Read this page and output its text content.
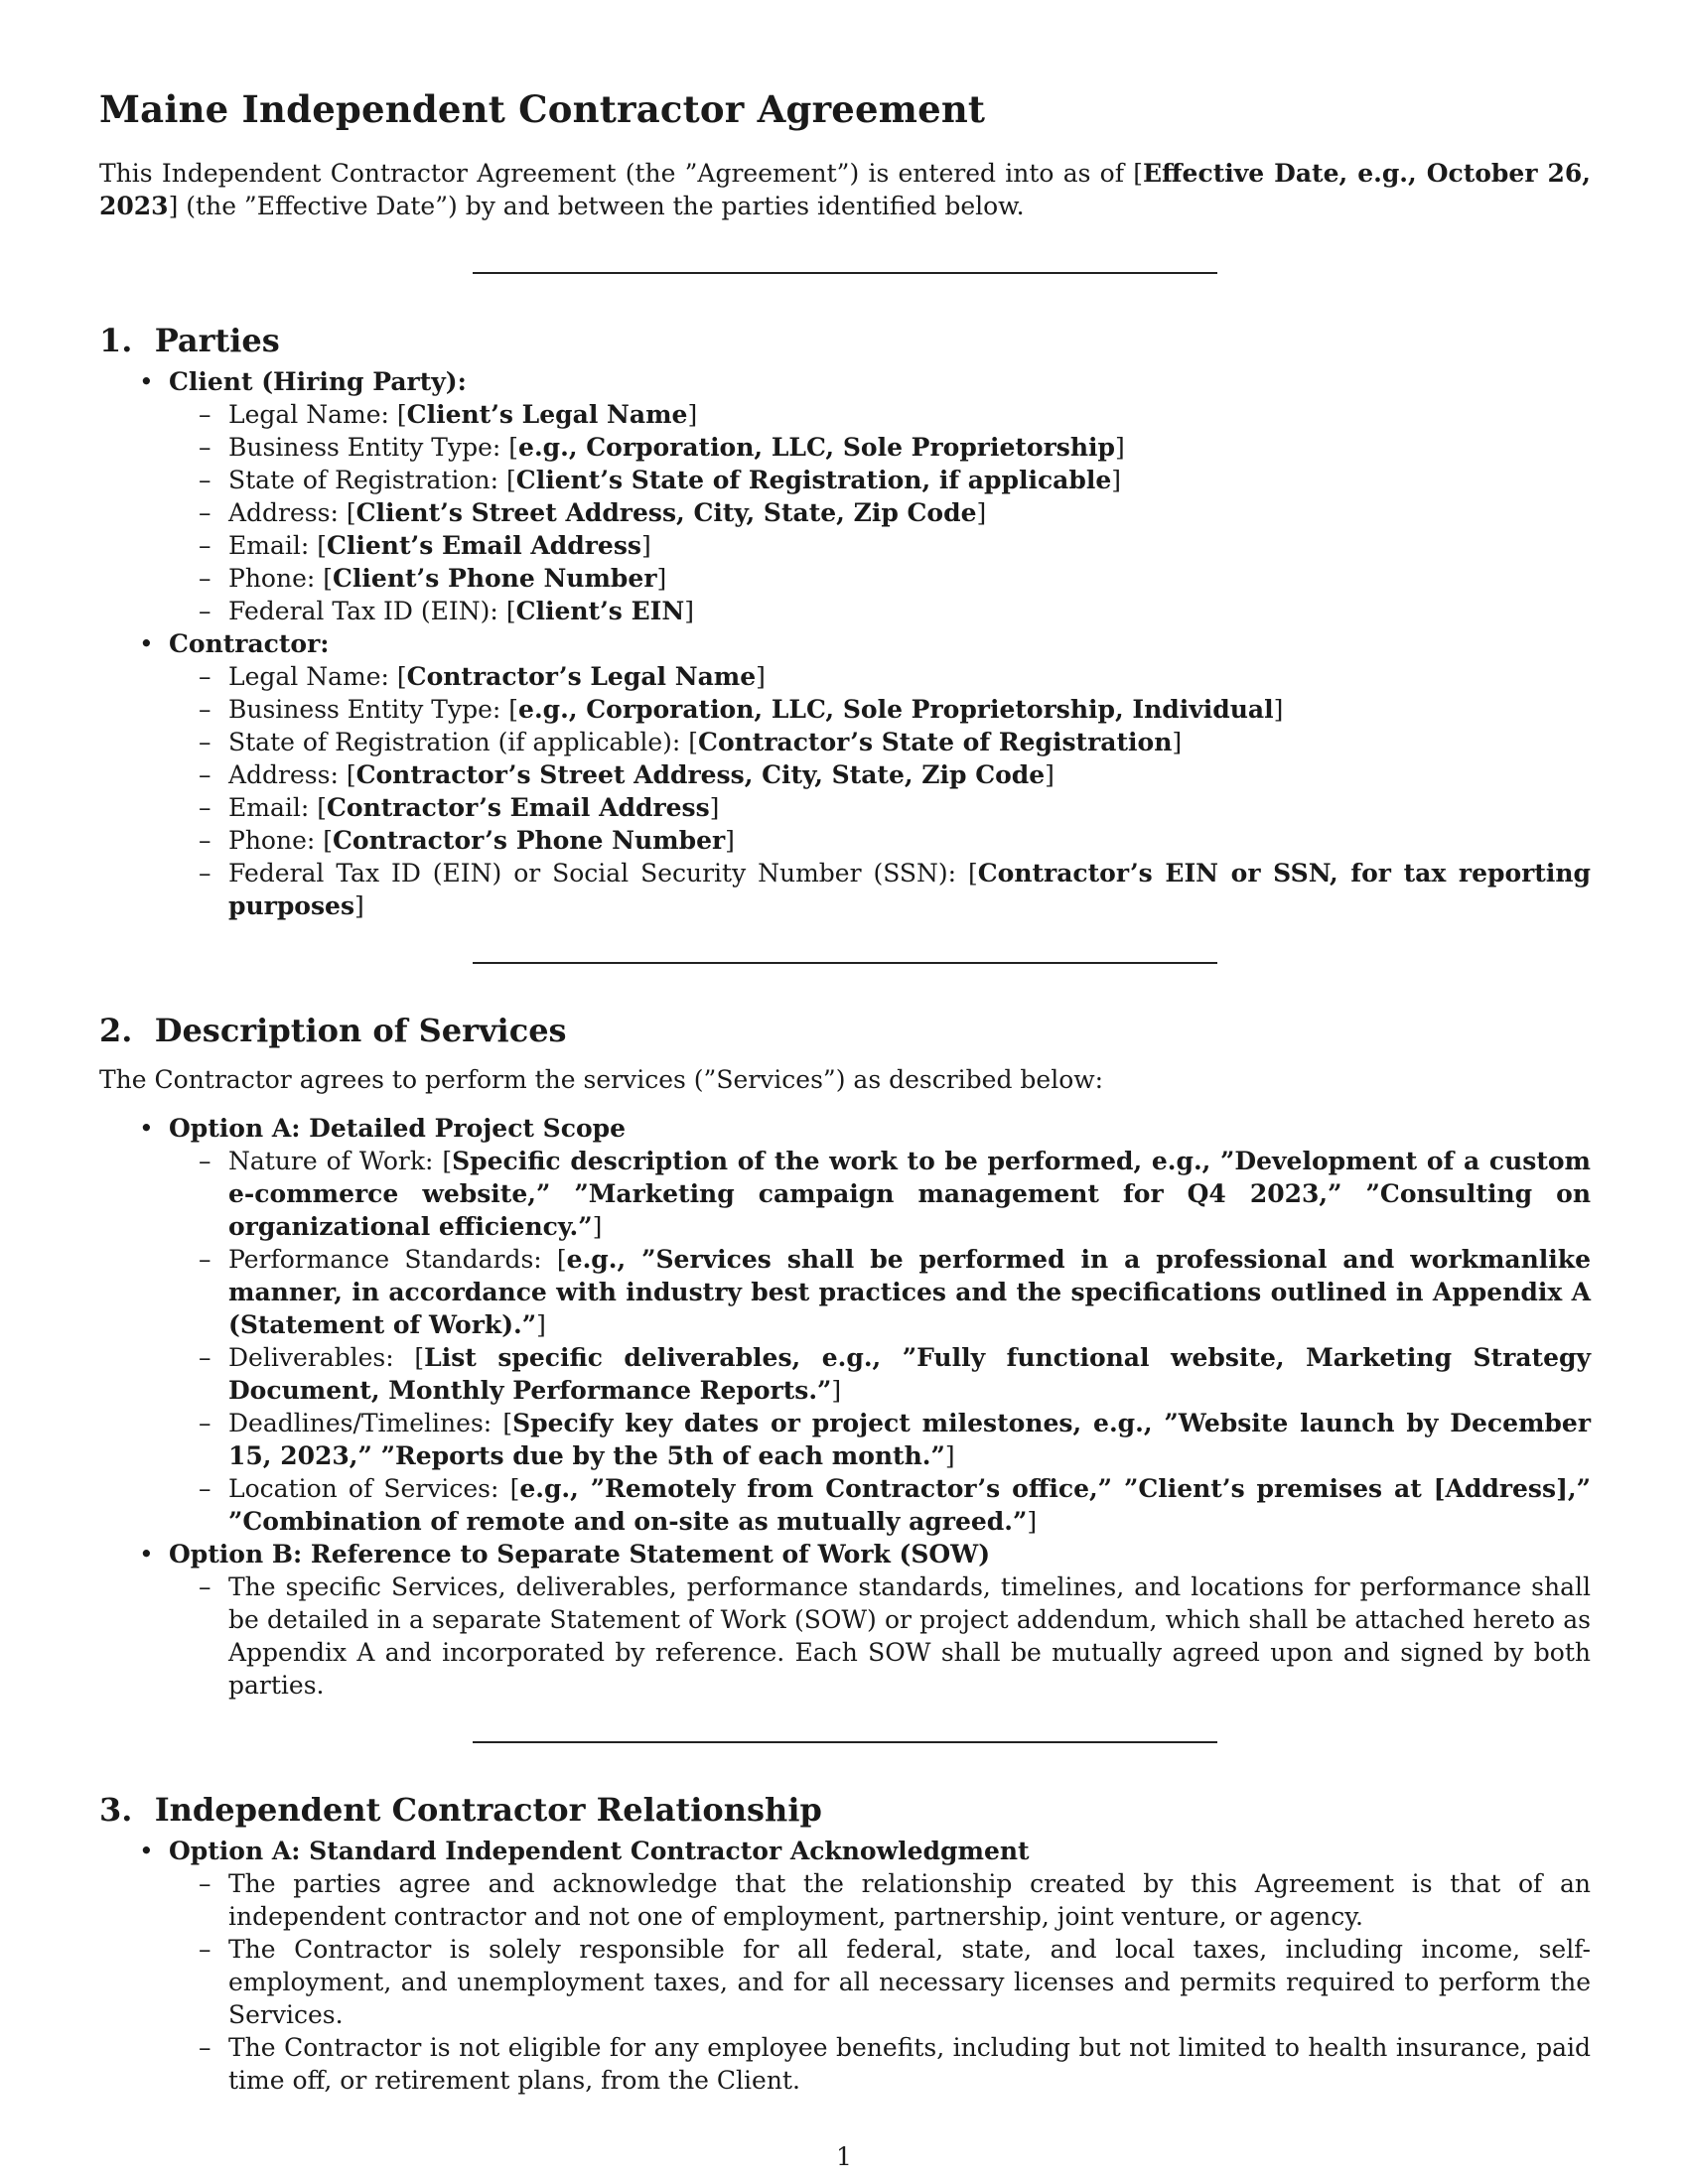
Maine Independent Contractor Agreement

This Independent Contractor Agreement (the ”Agreement”) is entered into as of [Effective Date, e.g., October 26, 2023] (the ”Effective Date”) by and between the parties identified below.

1. Parties
• Client (Hiring Party):
– Legal Name: [Client’s Legal Name]
– Business Entity Type: [e.g., Corporation, LLC, Sole Proprietorship]
– State of Registration: [Client’s State of Registration, if applicable]
– Address: [Client’s Street Address, City, State, Zip Code]
– Email: [Client’s Email Address]
– Phone: [Client’s Phone Number]
– Federal Tax ID (EIN): [Client’s EIN]
• Contractor:
– Legal Name: [Contractor’s Legal Name]
– Business Entity Type: [e.g., Corporation, LLC, Sole Proprietorship, Individual]
– State of Registration (if applicable): [Contractor’s State of Registration]
– Address: [Contractor’s Street Address, City, State, Zip Code]
– Email: [Contractor’s Email Address]
– Phone: [Contractor’s Phone Number]
– Federal Tax ID (EIN) or Social Security Number (SSN): [Contractor’s EIN or SSN, for tax reporting purposes]
2. Description of Services

The Contractor agrees to perform the services (”Services”) as described below:

• Option A: Detailed Project Scope
– Nature of Work: [Specific description of the work to be performed, e.g., ”Development of a custom e-commerce website,” ”Marketing campaign management for Q4 2023,” ”Consulting on organizational efficiency.”]
– Performance Standards: [e.g., ”Services shall be performed in a professional and workmanlike manner, in accordance with industry best practices and the specifications outlined in Appendix A (Statement of Work).”]
– Deliverables: [List specific deliverables, e.g., ”Fully functional website, Marketing Strategy Document, Monthly Performance Reports.”]
– Deadlines/Timelines: [Specify key dates or project milestones, e.g., ”Website launch by December 15, 2023,” ”Reports due by the 5th of each month.”]
– Location of Services: [e.g., ”Remotely from Contractor’s office,” ”Client’s premises at [Address],” ”Combination of remote and on-site as mutually agreed.”]
• Option B: Reference to Separate Statement of Work (SOW)
– The specific Services, deliverables, performance standards, timelines, and locations for performance shall be detailed in a separate Statement of Work (SOW) or project addendum, which shall be attached hereto as Appendix A and incorporated by reference. Each SOW shall be mutually agreed upon and signed by both parties.
3. Independent Contractor Relationship
• Option A: Standard Independent Contractor Acknowledgment
– The parties agree and acknowledge that the relationship created by this Agreement is that of an independent contractor and not one of employment, partnership, joint venture, or agency.
– The Contractor is solely responsible for all federal, state, and local taxes, including income, self-employment, and unemployment taxes, and for all necessary licenses and permits required to perform the Services.
– The Contractor is not eligible for any employee benefits, including but not limited to health insurance, paid time off, or retirement plans, from the Client.
1
